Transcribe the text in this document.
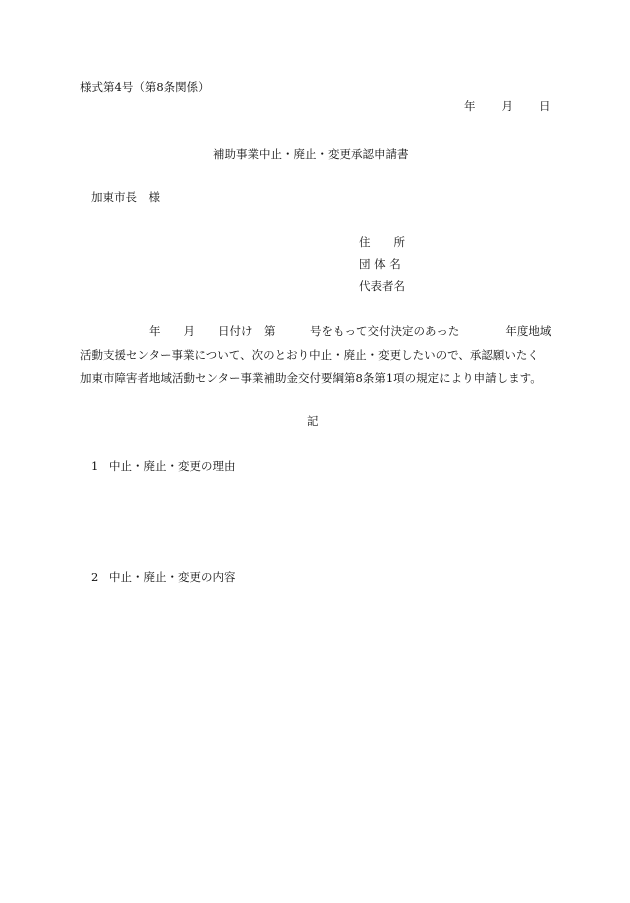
様式第4号（第8条関係）
年 月 日
補助事業中止・廃止・変更承認申請書
加東市長　様
住　　所
団 体 名
代表者名
　　　　　　年　　月　　日付け　第　　　号をもって交付決定のあった　　　　年度地域
活動支援センター事業について、次のとおり中止・廃止・変更したいので、承認願いたく
加東市障害者地域活動センター事業補助金交付要綱第8条第1項の規定により申請します。
記
1 中止・廃止・変更の理由
2 中止・廃止・変更の内容
